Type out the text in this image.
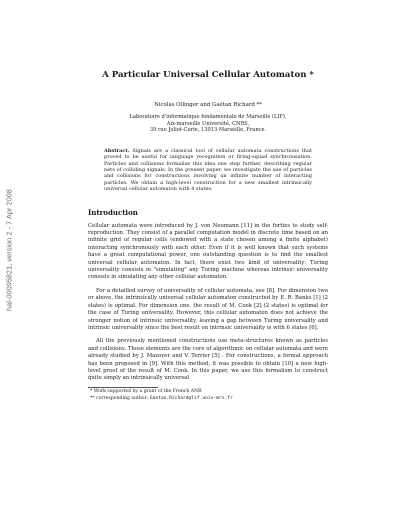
hal-00095821, version 2 - 7 Apr 2008
A Particular Universal Cellular Automaton *
Nicolas Ollinger and Gaétan Richard **
Laboratoire d'informatique fondamentale de Marseille (LIF),
Aix-marseille Université, CNRS,
39 rue Joliot-Curie, 13013 Marseille, France.
Abstract. Signals are a classical tool of cellular automata constructions that proved to be useful for language recognition or firing-squad synchronisation. Particles and collisions formalize this idea one step further, describing regular nets of colliding signals. In the present paper, we investigate the use of particles and collisions for constructions involving an infinite number of interacting particles. We obtain a high-level construction for a new smallest intrinsically universal cellular automaton with 4 states.
Introduction

Cellular automata were introduced by J. von Neumann [11] in the forties to study self-reproduction. They consist of a parallel computation model in discrete time based on an infinite grid of regular cells (endowed with a state chosen among a finite alphabet) interacting synchronously with each other. Even if it is well known that such systems have a great computational power, one outstanding question is to find the smallest universal cellular automaton. In fact, there exist two kind of universality: Turing universality consists in "simulating" any Turing machine whereas intrinsic universality consists in simulating any other cellular automaton.

For a detailled survey of universality of cellular automata, see [8]. For dimension two or above, the intrinsically universal cellular automaton constructed by E. R. Banks [1] (2 states) is optimal. For dimension one, the result of M. Cook [2] (2 states) is optimal for the case of Turing universality. However, this cellular automaton does not achieve the stronger notion of intrinsic universality, leaving a gap between Turing universality and intrinsic universality since the best result on intrinsic universality is with 6 states [6].

All the previously mentioned constructions use meta-structures known as particles and collisions. Those elements are the core of algorithmic on cellular automata and were already studied by J. Mazoyer and V. Terrier [5] . For constructions, a formal approach has been proposed in [9]. With this method, it was possible to obtain [10] a new high-level proof of the result of M. Cook. In this paper, we use this formalism to construct quite simply an intrinsically universal

* Work supported by a grant of the French ANR
** corresponding author: Gaetan.Richard@lif.univ-mrs.fr
